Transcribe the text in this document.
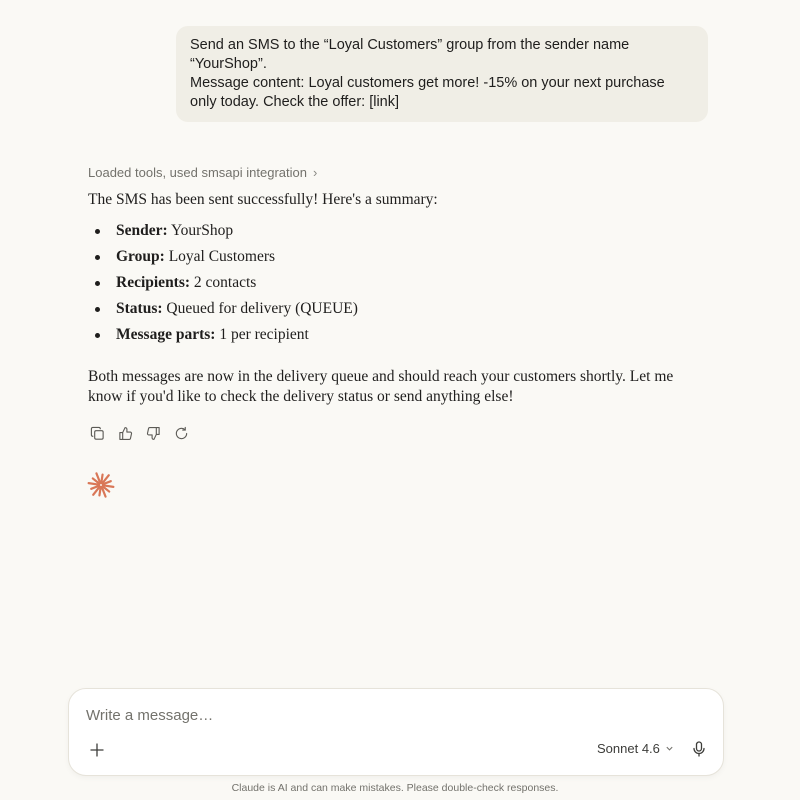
Send an SMS to the “Loyal Customers” group from the sender name “YourShop”.

Message content: Loyal customers get more! -15% on your next purchase only today. Check the offer: [link]

Loaded tools, used smsapi integration ›

The SMS has been sent successfully! Here's a summary:

Sender: YourShop
Group: Loyal Customers
Recipients: 2 contacts
Status: Queued for delivery (QUEUE)
Message parts: 1 per recipient

Both messages are now in the delivery queue and should reach your customers shortly. Let me know if you'd like to check the delivery status or send anything else!

Write a message…
Sonnet 4.6
Claude is AI and can make mistakes. Please double-check responses.
